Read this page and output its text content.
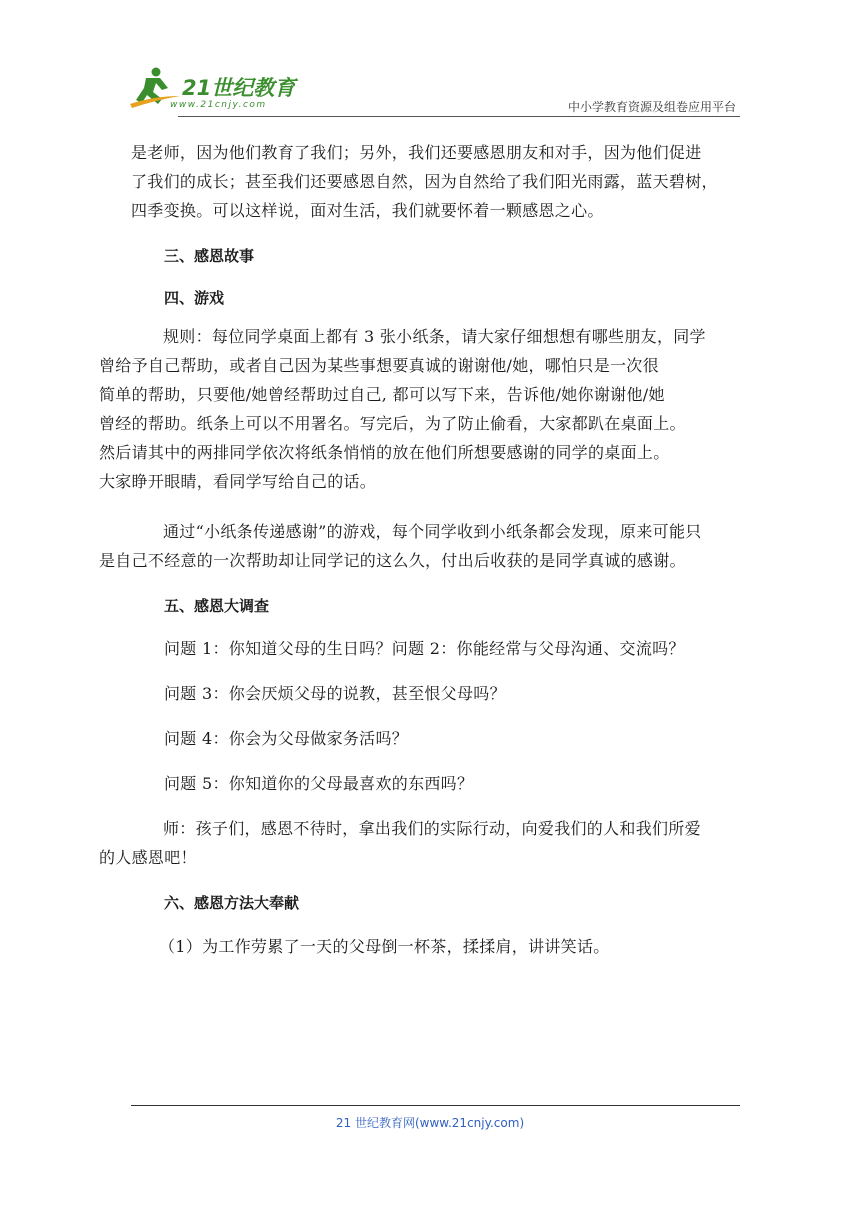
21世纪教育
www.21cnjy.com	中小学教育资源及组卷应用平台

是老师，因为他们教育了我们；另外，我们还要感恩朋友和对手，因为他们促进
了我们的成长；甚至我们还要感恩自然，因为自然给了我们阳光雨露，蓝天碧树，
四季变换。可以这样说，面对生活，我们就要怀着一颗感恩之心。

三、感恩故事

四、游戏

规则：每位同学桌面上都有 3 张小纸条，请大家仔细想想有哪些朋友，同学
曾给予自己帮助，或者自己因为某些事想要真诚的谢谢他/她，哪怕只是一次很
简单的帮助，只要他/她曾经帮助过自己, 都可以写下来，告诉他/她你谢谢他/她
曾经的帮助。纸条上可以不用署名。写完后，为了防止偷看，大家都趴在桌面上。
然后请其中的两排同学依次将纸条悄悄的放在他们所想要感谢的同学的桌面上。
大家睁开眼睛，看同学写给自己的话。

通过“小纸条传递感谢”的游戏，每个同学收到小纸条都会发现，原来可能只
是自己不经意的一次帮助却让同学记的这么久，付出后收获的是同学真诚的感谢。

五、感恩大调查

问题 1：你知道父母的生日吗？问题 2：你能经常与父母沟通、交流吗？

问题 3：你会厌烦父母的说教，甚至恨父母吗？

问题 4：你会为父母做家务活吗？

问题 5：你知道你的父母最喜欢的东西吗？

师：孩子们，感恩不待时，拿出我们的实际行动，向爱我们的人和我们所爱
的人感恩吧！

六、感恩方法大奉献

（1）为工作劳累了一天的父母倒一杯茶，揉揉肩，讲讲笑话。

21 世纪教育网(www.21cnjy.com)
